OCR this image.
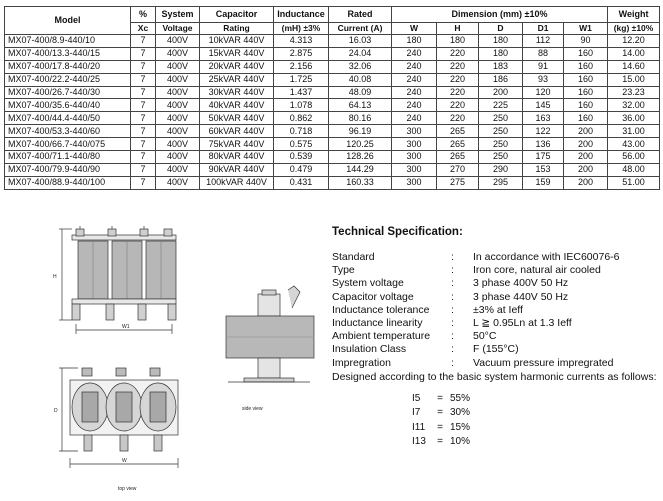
Model	%	System	Capacitor	Inductance	Rated	Dimension (mm) ±10%					Weight
	Xc	Voltage	Rating	(mH) ±3%	Current (A)	W	H	D	D1	W1	(kg) ±10%
MX07-400/8.9-440/10	7	400V	10kVAR 440V	4.313	16.03	180	180	180	112	90	12.20
MX07-400/13.3-440/15	7	400V	15kVAR 440V	2.875	24.04	240	220	180	88	160	14.00
MX07-400/17.8-440/20	7	400V	20kVAR 440V	2.156	32.06	240	220	183	91	160	14.60
MX07-400/22.2-440/25	7	400V	25kVAR 440V	1.725	40.08	240	220	186	93	160	15.00
MX07-400/26.7-440/30	7	400V	30kVAR 440V	1.437	48.09	240	220	200	120	160	23.23
MX07-400/35.6-440/40	7	400V	40kVAR 440V	1.078	64.13	240	220	225	145	160	32.00
MX07-400/44.4-440/50	7	400V	50kVAR 440V	0.862	80.16	240	220	250	163	160	36.00
MX07-400/53.3-440/60	7	400V	60kVAR 440V	0.718	96.19	300	265	250	122	200	31.00
MX07-400/66.7-440/075	7	400V	75kVAR 440V	0.575	120.25	300	265	250	136	200	43.00
MX07-400/71.1-440/80	7	400V	80kVAR 440V	0.539	128.26	300	265	250	175	200	56.00
MX07-400/79.9-440/90	7	400V	90kVAR 440V	0.479	144.29	300	270	290	153	200	48.00
MX07-400/88.9-440/100	7	400V	100kVAR 440V	0.431	160.33	300	275	295	159	200	51.00
H
W1
D
W
top view
side view
Technical Specification:
Standard	:	In accordance with IEC60076-6
Type	:	Iron core, natural air cooled
System voltage	:	3 phase 400V 50 Hz
Capacitor voltage	:	3 phase 440V 50 Hz
Inductance tolerance	:	±3% at Ieff
Inductance linearity	:	L ≧ 0.95Ln at 1.3 Ieff
Ambient temperature	:	50°C
Insulation Class	:	F (155°C)
Impregration	:	Vacuum pressure impregrated
Designed according to the basic system harmonic currents as follows:
I5	= 55%
I7	= 30%
I11	= 15%
I13	= 10%
